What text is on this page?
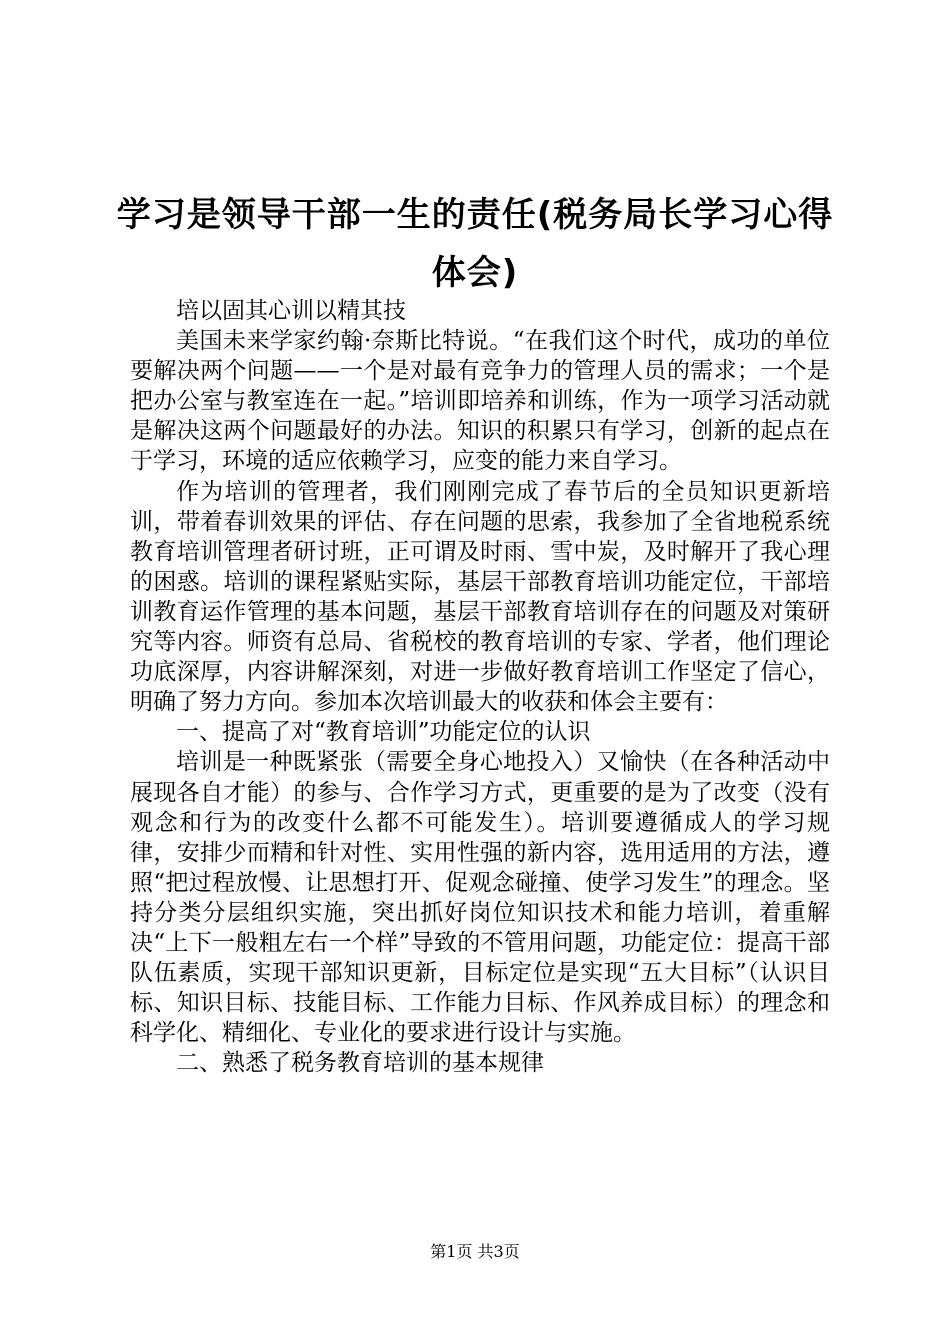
学习是领导干部一生的责任(税务局长学习心得体会)

培以固其心训以精其技

美国未来学家约翰·奈斯比特说。“在我们这个时代，成功的单位要解决两个问题——一个是对最有竞争力的管理人员的需求；一个是把办公室与教室连在一起。”培训即培养和训练，作为一项学习活动就是解决这两个问题最好的办法。知识的积累只有学习，创新的起点在于学习，环境的适应依赖学习，应变的能力来自学习。

作为培训的管理者，我们刚刚完成了春节后的全员知识更新培训，带着春训效果的评估、存在问题的思索，我参加了全省地税系统教育培训管理者研讨班，正可谓及时雨、雪中炭，及时解开了我心理的困惑。培训的课程紧贴实际，基层干部教育培训功能定位，干部培训教育运作管理的基本问题，基层干部教育培训存在的问题及对策研究等内容。师资有总局、省税校的教育培训的专家、学者，他们理论功底深厚，内容讲解深刻，对进一步做好教育培训工作坚定了信心，明确了努力方向。参加本次培训最大的收获和体会主要有：

一、提高了对“教育培训”功能定位的认识

培训是一种既紧张（需要全身心地投入）又愉快（在各种活动中展现各自才能）的参与、合作学习方式，更重要的是为了改变（没有观念和行为的改变什么都不可能发生）。培训要遵循成人的学习规律，安排少而精和针对性、实用性强的新内容，选用适用的方法，遵照“把过程放慢、让思想打开、促观念碰撞、使学习发生”的理念。坚持分类分层组织实施，突出抓好岗位知识技术和能力培训，着重解决“上下一般粗左右一个样”导致的不管用问题，功能定位：提高干部队伍素质，实现干部知识更新，目标定位是实现“五大目标”（认识目标、知识目标、技能目标、工作能力目标、作风养成目标）的理念和科学化、精细化、专业化的要求进行设计与实施。

二、熟悉了税务教育培训的基本规律

第1页 共3页
